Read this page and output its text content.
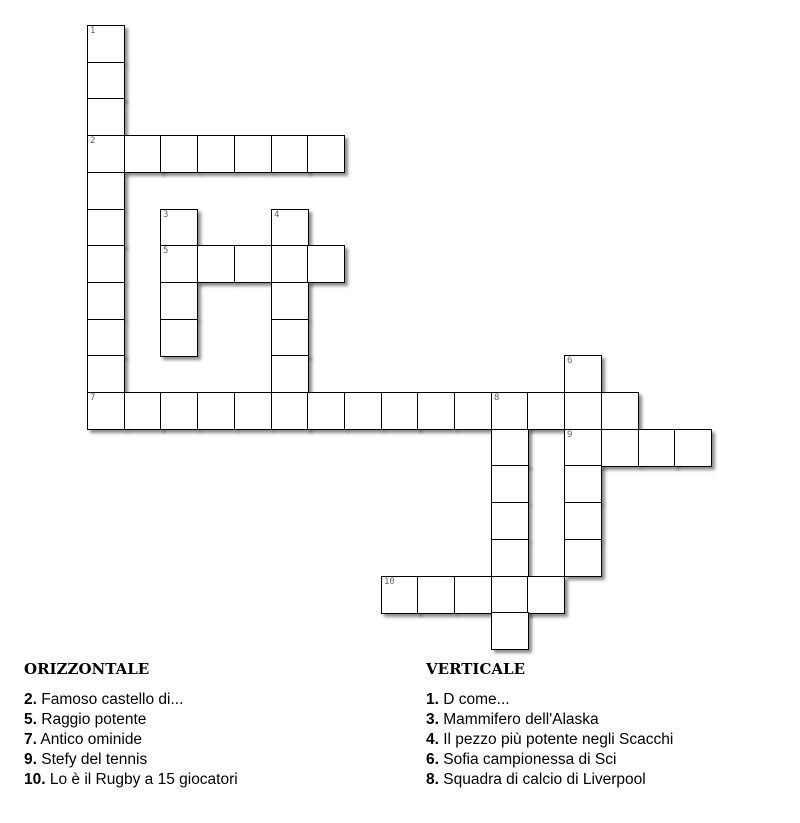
1
2
3	4
5
6
7	8
9
10
ORIZZONTALE
2. Famoso castello di...
5. Raggio potente
7. Antico ominide
9. Stefy del tennis
10. Lo è il Rugby a 15 giocatori
VERTICALE
1. D come...
3. Mammifero dell'Alaska
4. Il pezzo più potente negli Scacchi
6. Sofia campionessa di Sci
8. Squadra di calcio di Liverpool
